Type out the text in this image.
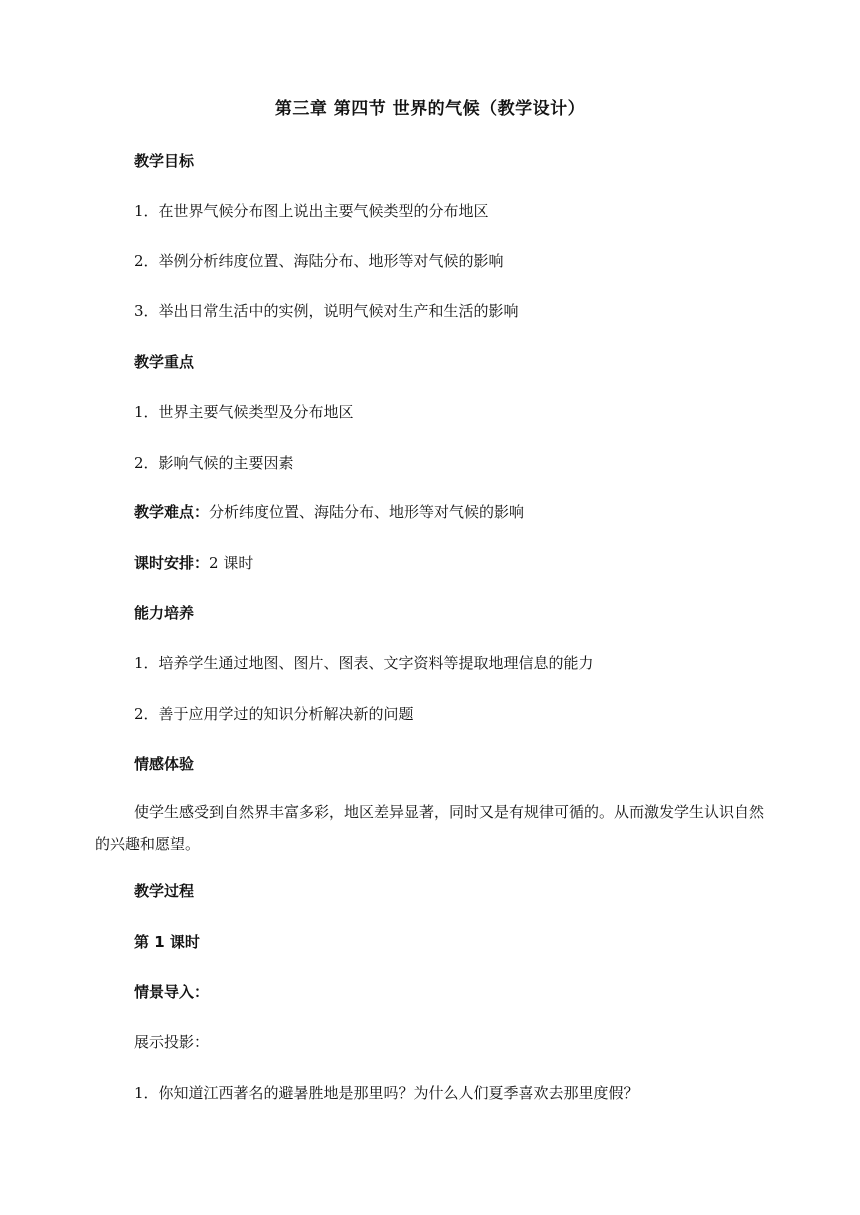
第三章 第四节 世界的气候（教学设计）
教学目标
1．在世界气候分布图上说出主要气候类型的分布地区
2．举例分析纬度位置、海陆分布、地形等对气候的影响
3．举出日常生活中的实例，说明气候对生产和生活的影响
教学重点
1．世界主要气候类型及分布地区
2．影响气候的主要因素
教学难点：分析纬度位置、海陆分布、地形等对气候的影响
课时安排：2 课时
能力培养
1．培养学生通过地图、图片、图表、文字资料等提取地理信息的能力
2．善于应用学过的知识分析解决新的问题
情感体验
使学生感受到自然界丰富多彩，地区差异显著，同时又是有规律可循的。从而激发学生认识自然的兴趣和愿望。
教学过程
第 1 课时
情景导入：
展示投影：
1．你知道江西著名的避暑胜地是那里吗？为什么人们夏季喜欢去那里度假？
